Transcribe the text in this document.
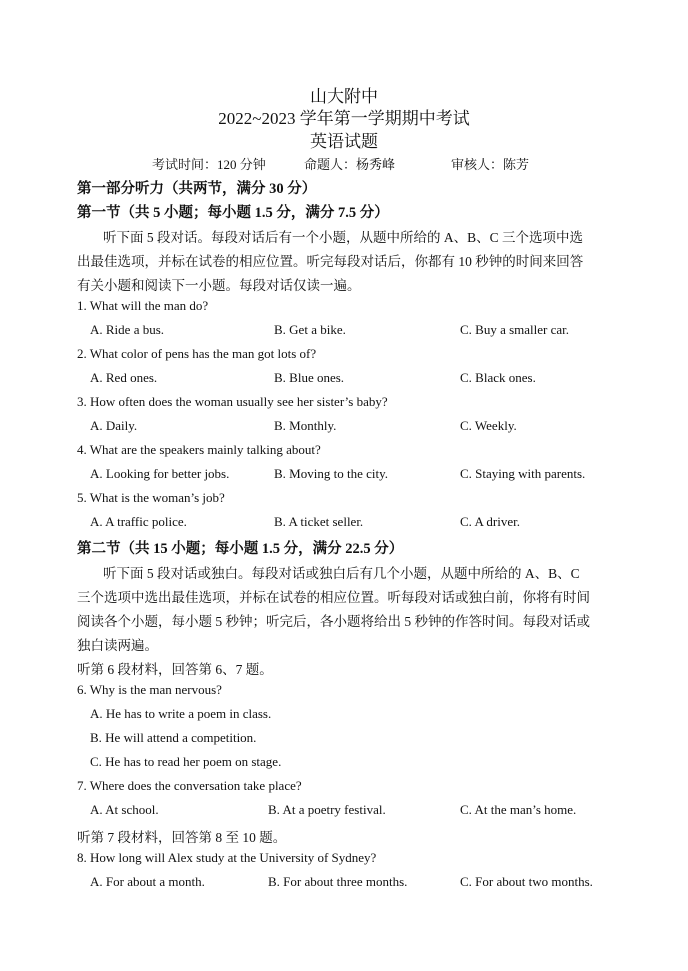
山大附中
2022~2023 学年第一学期期中考试
英语试题
考试时间：120 分钟	命题人：杨秀峰	审核人：陈芳
第一部分听力（共两节，满分 30 分）
第一节（共 5 小题；每小题 1.5 分，满分 7.5 分）
听下面 5 段对话。每段对话后有一个小题，从题中所给的 A、B、C 三个选项中选
出最佳选项，并标在试卷的相应位置。听完每段对话后，你都有 10 秒钟的时间来回答
有关小题和阅读下一小题。每段对话仅读一遍。
1. What will the man do?
A. Ride a bus.	B. Get a bike.	C. Buy a smaller car.
2. What color of pens has the man got lots of?
A. Red ones.	B. Blue ones.	C. Black ones.
3. How often does the woman usually see her sister’s baby?
A. Daily.	B. Monthly.	C. Weekly.
4. What are the speakers mainly talking about?
A. Looking for better jobs.	B. Moving to the city.	C. Staying with parents.
5. What is the woman’s job?
A. A traffic police.	B. A ticket seller.	C. A driver.
第二节（共 15 小题；每小题 1.5 分，满分 22.5 分）
听下面 5 段对话或独白。每段对话或独白后有几个小题，从题中所给的 A、B、C
三个选项中选出最佳选项，并标在试卷的相应位置。听每段对话或独白前，你将有时间
阅读各个小题，每小题 5 秒钟；听完后，各小题将给出 5 秒钟的作答时间。每段对话或
独白读两遍。
听第 6 段材料，回答第 6、7 题。
6. Why is the man nervous?
A. He has to write a poem in class.
B. He will attend a competition.
C. He has to read her poem on stage.
7. Where does the conversation take place?
A. At school.	B. At a poetry festival.	C. At the man’s home.
听第 7 段材料，回答第 8 至 10 题。
8. How long will Alex study at the University of Sydney?
A. For about a month.	B. For about three months.	C. For about two months.
